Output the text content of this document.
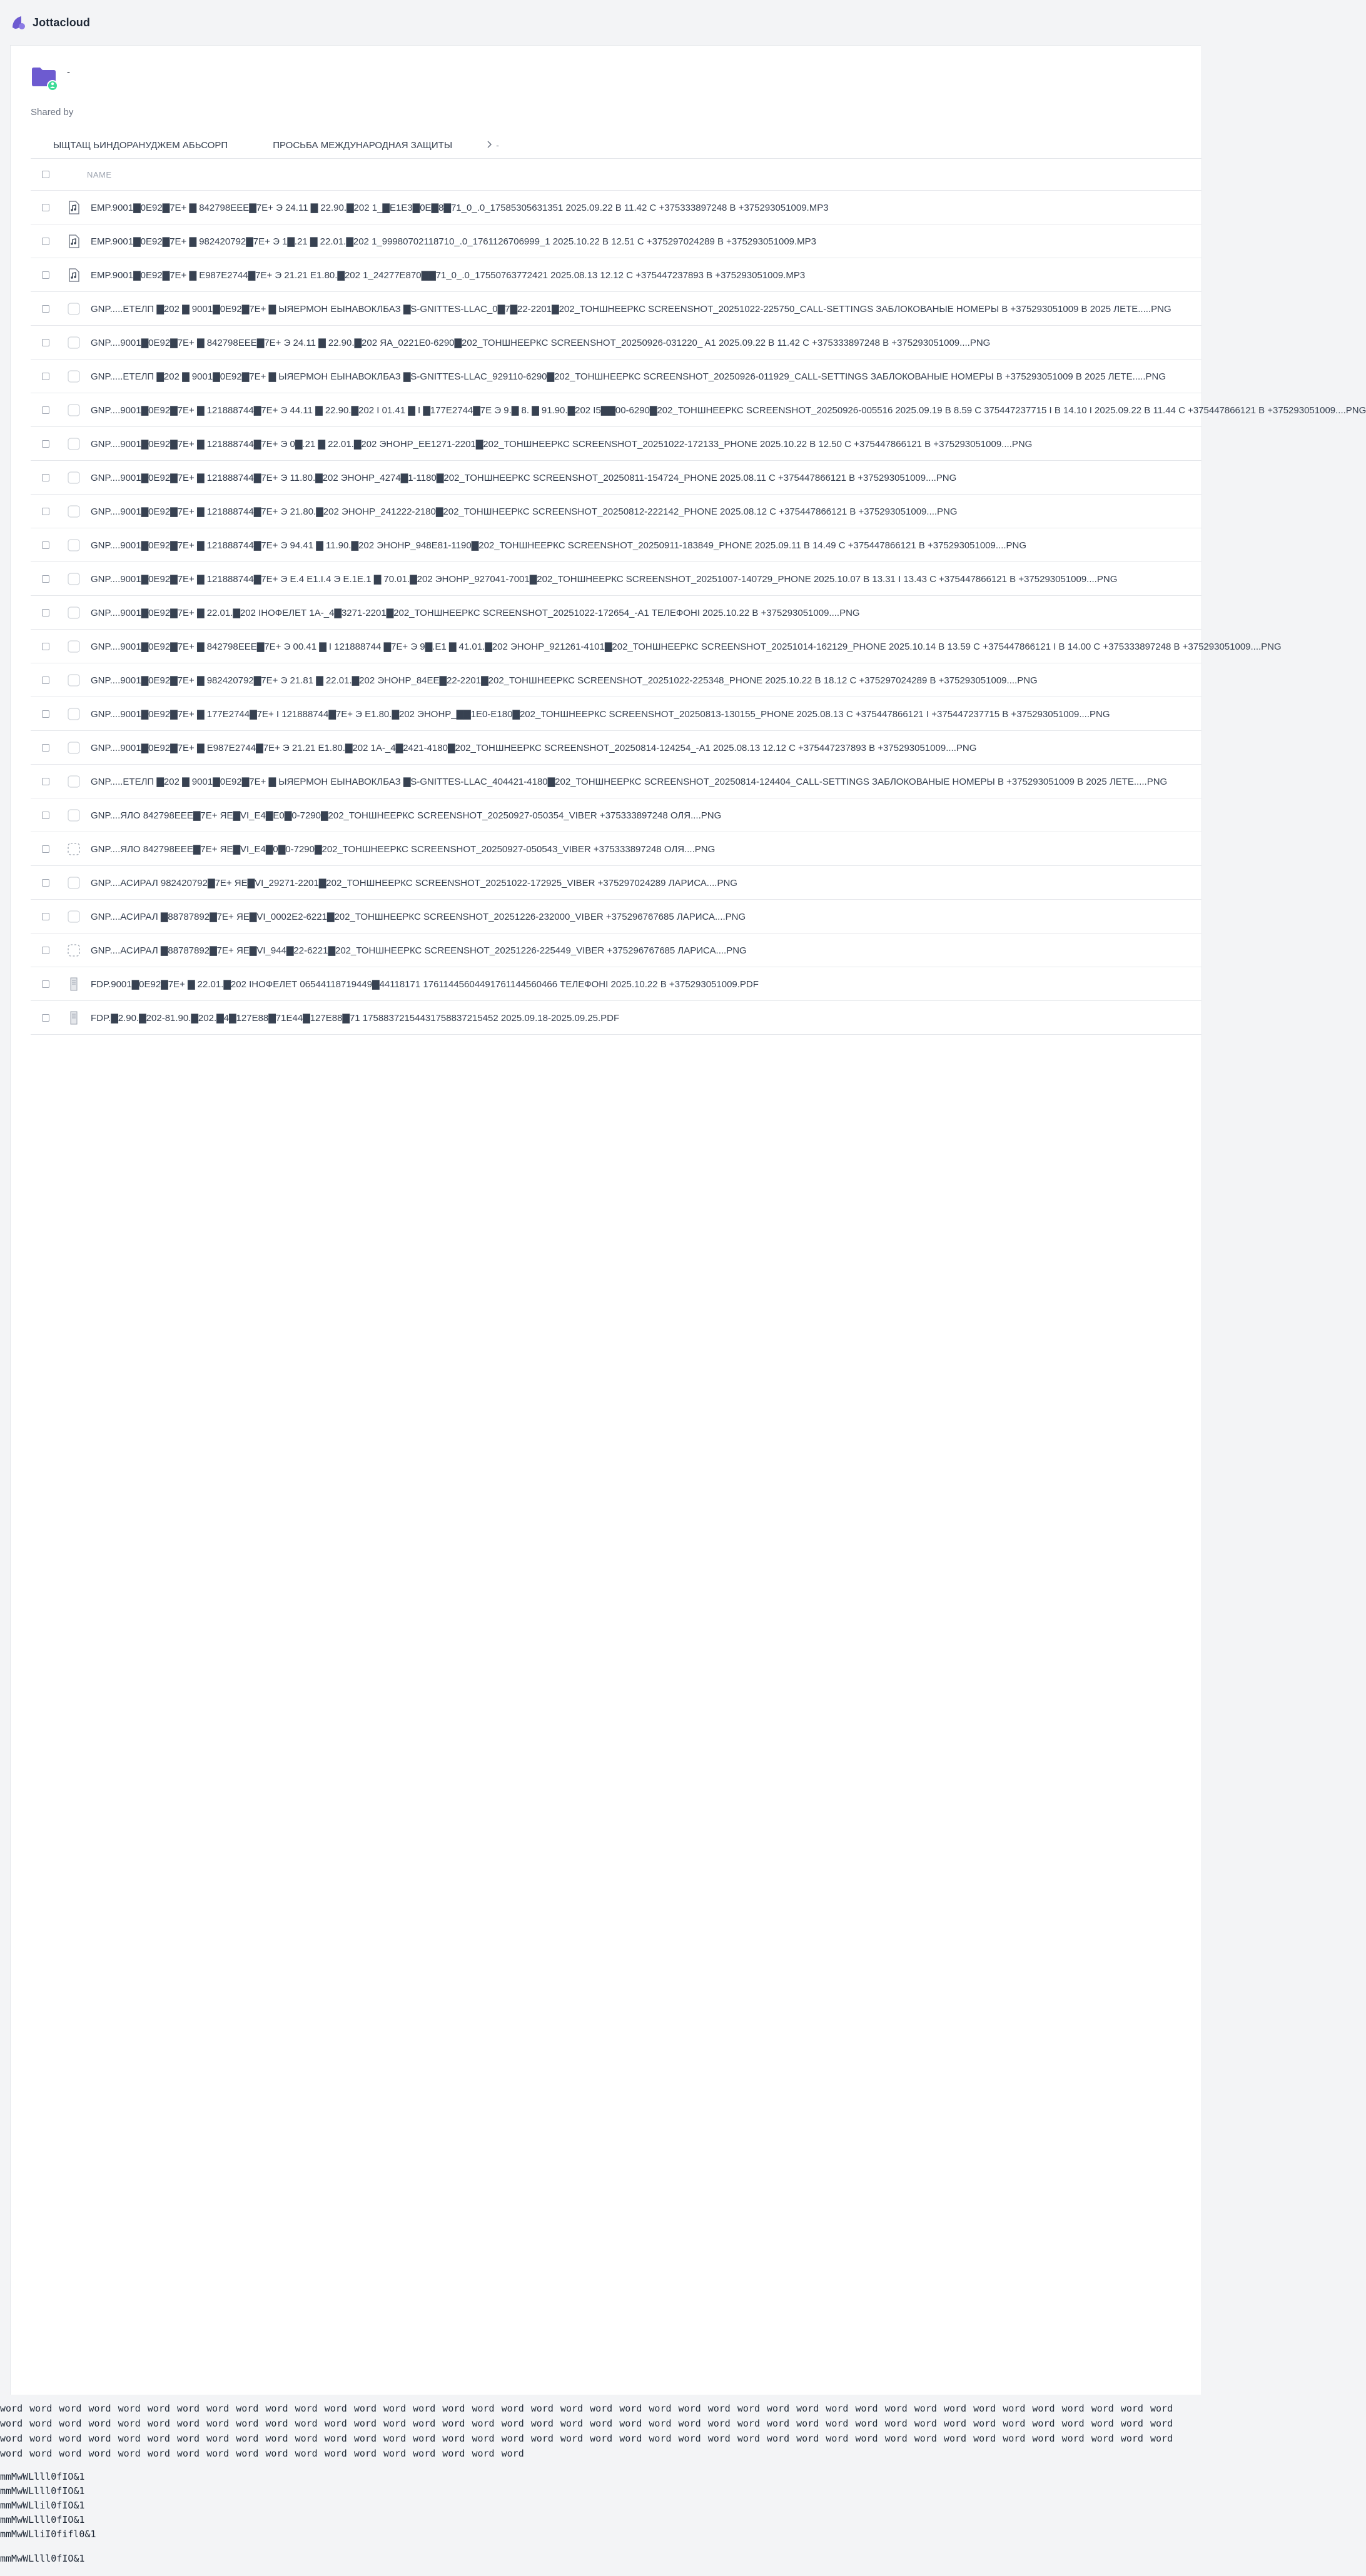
Jottacloud
-
Shared by
ЫЩТАЩ ЬИНДОРАНУДЖЕМ АБЬСОРП	ПРОСЬБА МЕЖДУНАРОДНАЯ ЗАЩИТЫ	-
NAME
EMP.9001▇0E92▇7E+ ▇ 842798EEE▇7E+ Э 24.11 ▇ 22.90.▇202 1_▇E1E3▇0E▇8▇71_0_.0_17585305631351 2025.09.22 В 11.42 С +375333897248 В +375293051009.MP3
EMP.9001▇0E92▇7E+ ▇ 982420792▇7E+ Э 1▇.21 ▇ 22.01.▇202 1_99980702118710_.0_1761126706999_1 2025.10.22 В 12.51 С +375297024289 В +375293051009.MP3
EMP.9001▇0E92▇7E+ ▇ E987E2744▇7E+ Э 21.21 E1.80.▇202 1_24277E870▇▇71_0_.0_17550763772421 2025.08.13 12.12 С +375447237893 В +375293051009.MP3
GNP.....ЕТЕЛП ▇202 ▇ 9001▇0E92▇7E+ ▇ ЫЯЕРМОН ЕЫНАВОКЛБАЗ ▇S-GNITTES-LLAC_0▇7▇22-2201▇202_ТОНШНЕЕРКС SCREENSHOT_20251022-225750_CALL-SETTINGS ЗАБЛОКОВАНЫЕ НОМЕРЫ В +375293051009 В 2025 ЛЕТЕ.....PNG
GNP....9001▇0E92▇7E+ ▇ 842798EEE▇7E+ Э 24.11 ▇ 22.90.▇202 ЯА_0221E0-6290▇202_ТОНШНЕЕРКС SCREENSHOT_20250926-031220_ A1 2025.09.22 В 11.42 С +375333897248 В +375293051009....PNG
GNP.....ЕТЕЛП ▇202 ▇ 9001▇0E92▇7E+ ▇ ЫЯЕРМОН ЕЫНАВОКЛБАЗ ▇S-GNITTES-LLAC_929110-6290▇202_ТОНШНЕЕРКС SCREENSHOT_20250926-011929_CALL-SETTINGS ЗАБЛОКОВАНЫЕ НОМЕРЫ В +375293051009 В 2025 ЛЕТЕ.....PNG
GNP....9001▇0E92▇7E+ ▇ 121888744▇7E+ Э 44.11 ▇ 22.90.▇202 I 01.41 ▇ I ▇177E2744▇7E Э 9.▇ 8. ▇ 91.90.▇202 І5▇▇00-6290▇202_ТОНШНЕЕРКС SCREENSHOT_20250926-005516 2025.09.19 В 8.59 С 375447237715 I В 14.10 I 2025.09.22 В 11.44 С +375447866121 В +375293051009....PNG
GNP....9001▇0E92▇7E+ ▇ 121888744▇7E+ Э 0▇.21 ▇ 22.01.▇202 ЭНОНР_ЕЕ1271-2201▇202_ТОНШНЕЕРКС SCREENSHOT_20251022-172133_PHONE 2025.10.22 В 12.50 С +375447866121 В +375293051009....PNG
GNP....9001▇0E92▇7E+ ▇ 121888744▇7E+ Э 11.80.▇202 ЭНОНР_4274▇1-1180▇202_ТОНШНЕЕРКС SCREENSHOT_20250811-154724_PHONE 2025.08.11 С +375447866121 В +375293051009....PNG
GNP....9001▇0E92▇7E+ ▇ 121888744▇7E+ Э 21.80.▇202 ЭНОНР_241222-2180▇202_ТОНШНЕЕРКС SCREENSHOT_20250812-222142_PHONE 2025.08.12 С +375447866121 В +375293051009....PNG
GNP....9001▇0E92▇7E+ ▇ 121888744▇7E+ Э 94.41 ▇ 11.90.▇202 ЭНОНР_948E81-1190▇202_ТОНШНЕЕРКС SCREENSHOT_20250911-183849_PHONE 2025.09.11 В 14.49 С +375447866121 В +375293051009....PNG
GNP....9001▇0E92▇7E+ ▇ 121888744▇7E+ Э E.4 E1.I.4 Э E.1E.1 ▇ 70.01.▇202 ЭНОНР_927041-7001▇202_ТОНШНЕЕРКС SCREENSHOT_20251007-140729_PHONE 2025.10.07 В 13.31 I 13.43 С +375447866121 В +375293051009....PNG
GNP....9001▇0E92▇7E+ ▇ 22.01.▇202 ІНОФЕЛЕТ 1А-_4▇3271-2201▇202_ТОНШНЕЕРКС SCREENSHOT_20251022-172654_-A1 ТЕЛЕФОНІ 2025.10.22 В +375293051009....PNG
GNP....9001▇0E92▇7E+ ▇ 842798EEE▇7E+ Э 00.41 ▇ I 121888744 ▇7E+ Э 9▇.E1 ▇ 41.01.▇202 ЭНОНР_921261-4101▇202_ТОНШНЕЕРКС SCREENSHOT_20251014-162129_PHONE 2025.10.14 В 13.59 С +375447866121 I В 14.00 С +375333897248 В +375293051009....PNG
GNP....9001▇0E92▇7E+ ▇ 982420792▇7E+ Э 21.81 ▇ 22.01.▇202 ЭНОНР_84EE▇22-2201▇202_ТОНШНЕЕРКС SCREENSHOT_20251022-225348_PHONE 2025.10.22 В 18.12 С +375297024289 В +375293051009....PNG
GNP....9001▇0E92▇7E+ ▇ 177E2744▇7E+ I 121888744▇7E+ Э E1.80.▇202 ЭНОНР_▇▇1E0-E180▇202_ТОНШНЕЕРКС SCREENSHOT_20250813-130155_PHONE 2025.08.13 С +375447866121 I +375447237715 В +375293051009....PNG
GNP....9001▇0E92▇7E+ ▇ E987E2744▇7E+ Э 21.21 E1.80.▇202 1А-_4▇2421-4180▇202_ТОНШНЕЕРКС SCREENSHOT_20250814-124254_-A1 2025.08.13 12.12 С +375447237893 В +375293051009....PNG
GNP.....ЕТЕЛП ▇202 ▇ 9001▇0E92▇7E+ ▇ ЫЯЕРМОН ЕЫНАВОКЛБАЗ ▇S-GNITTES-LLAC_404421-4180▇202_ТОНШНЕЕРКС SCREENSHOT_20250814-124404_CALL-SETTINGS ЗАБЛОКОВАНЫЕ НОМЕРЫ В +375293051009 В 2025 ЛЕТЕ.....PNG
GNP....ЯЛО 842798EEE▇7E+ ЯЕ▇VI_E4▇E0▇0-7290▇202_ТОНШНЕЕРКС SCREENSHOT_20250927-050354_VIBER +375333897248 ОЛЯ....PNG
GNP....ЯЛО 842798EEE▇7E+ ЯЕ▇VI_E4▇0▇0-7290▇202_ТОНШНЕЕРКС SCREENSHOT_20250927-050543_VIBER +375333897248 ОЛЯ....PNG
GNP....АСИРАЛ 982420792▇7E+ ЯЕ▇VI_29271-2201▇202_ТОНШНЕЕРКС SCREENSHOT_20251022-172925_VIBER +375297024289 ЛАРИСА....PNG
GNP....АСИРАЛ ▇88787892▇7E+ ЯЕ▇VI_0002E2-6221▇202_ТОНШНЕЕРКС SCREENSHOT_20251226-232000_VIBER +375296767685 ЛАРИСА....PNG
GNP....АСИРАЛ ▇88787892▇7E+ ЯЕ▇VI_944▇22-6221▇202_ТОНШНЕЕРКС SCREENSHOT_20251226-225449_VIBER +375296767685 ЛАРИСА....PNG
FDP.9001▇0E92▇7E+ ▇ 22.01.▇202 ІНОФЕЛЕТ 06544118719449▇44118171 17611445604491761144560466 ТЕЛЕФОНІ 2025.10.22 В +375293051009.PDF
FDP.▇2.90.▇202-81.90.▇202.▇4▇127E88▇71E44▇127E88▇71 17588372154431758837215452 2025.09.18-2025.09.25.PDF
word word word word word word word word word word word word word word word word word word word word word word word word word word word word word word word word word word word word word word word word word word word word word word word word word word word word word word word word word word word word word word word word word word word word word word word word word word word word word word word word word word word word word word word word word word word word word word word word word word word word word word word word word word word word word word word word word word word word word word word word word word word word word word word word word word word word word word word word word word
mmMwWLlll0fIO&1
mmMwWLlll0fIO&1
mmMwWLlil0fIO&1
mmMwWLlll0fIO&1
mmMwWLliI0fifl0&1
mmMwWLlll0fIO&1
